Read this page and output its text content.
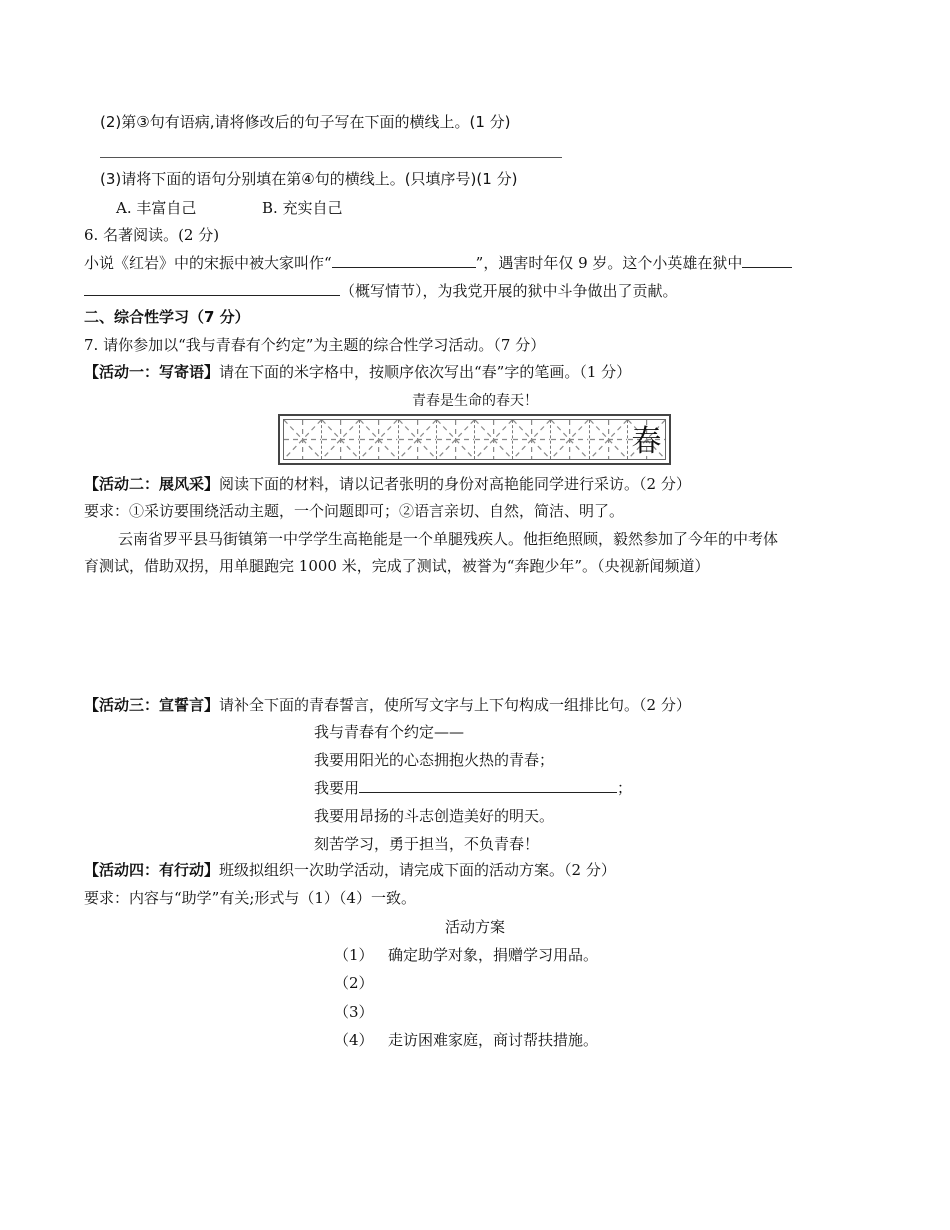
(2)第③句有语病,请将修改后的句子写在下面的横线上。(1 分)
(3)请将下面的语句分别填在第④句的横线上。(只填序号)(1 分)
A. 丰富自己	B. 充实自己
6. 名著阅读。(2 分)
小说《红岩》中的宋振中被大家叫作“	”，遇害时年仅 9 岁。这个小英雄在狱中
（概写情节），为我党开展的狱中斗争做出了贡献。
二、综合性学习（7 分）
7. 请你参加以“我与青春有个约定”为主题的综合性学习活动。（7 分）
【活动一：写寄语】请在下面的米字格中，按顺序依次写出“春”字的笔画。（1 分）
青春是生命的春天！
春
【活动二：展风采】阅读下面的材料，请以记者张明的身份对高艳能同学进行采访。（2 分）
要求：①采访要围绕活动主题，一个问题即可；②语言亲切、自然，简洁、明了。
云南省罗平县马街镇第一中学学生高艳能是一个单腿残疾人。他拒绝照顾，毅然参加了今年的中考体
育测试，借助双拐，用单腿跑完 1000 米，完成了测试，被誉为“奔跑少年”。（央视新闻频道）
【活动三：宣誓言】请补全下面的青春誓言，使所写文字与上下句构成一组排比句。（2 分）
我与青春有个约定——
我要用阳光的心态拥抱火热的青春；
我要用	；
我要用昂扬的斗志创造美好的明天。
刻苦学习，勇于担当，不负青春！
【活动四：有行动】班级拟组织一次助学活动，请完成下面的活动方案。（2 分）
要求：内容与“助学”有关;形式与（1）（4）一致。
活动方案
（1） 确定助学对象，捐赠学习用品。
（2）
（3）
（4） 走访困难家庭，商讨帮扶措施。
